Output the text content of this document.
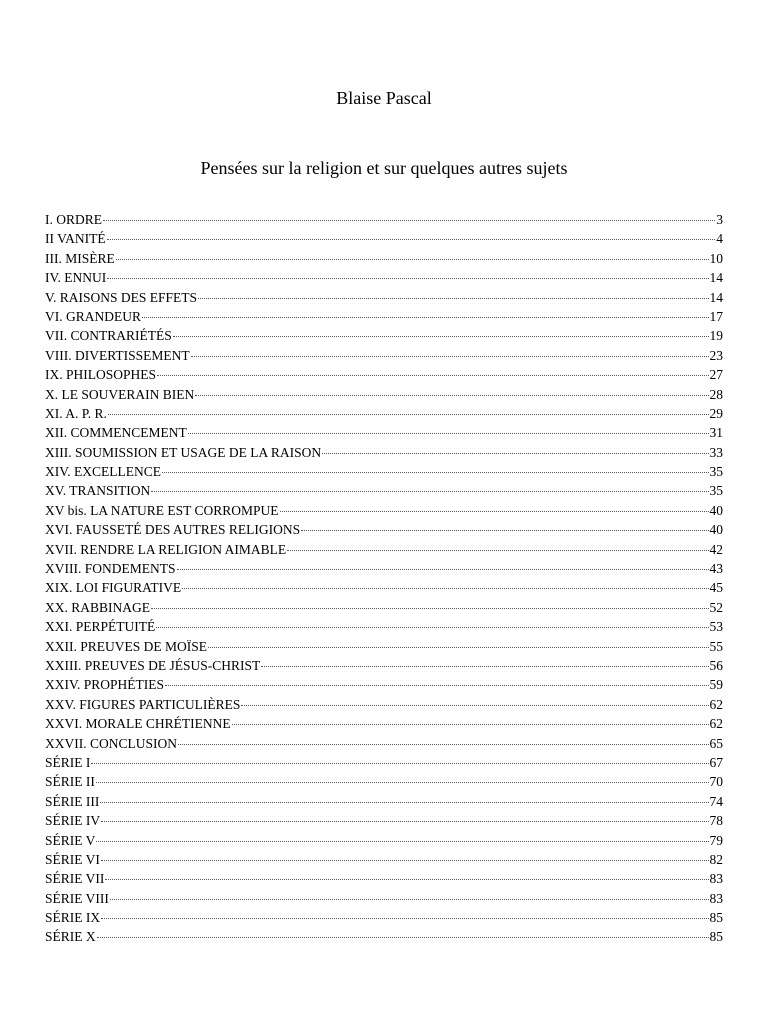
Blaise Pascal
Pensées sur la religion et sur quelques autres sujets
I. ORDRE	3
II VANITÉ	4
III. MISÈRE	10
IV. ENNUI	14
V. RAISONS DES EFFETS	14
VI. GRANDEUR	17
VII. CONTRARIÉTÉS	19
VIII. DIVERTISSEMENT	23
IX. PHILOSOPHES	27
X. LE SOUVERAIN BIEN	28
XI. A. P. R.	29
XII. COMMENCEMENT	31
XIII. SOUMISSION ET USAGE DE LA RAISON	33
XIV. EXCELLENCE	35
XV. TRANSITION	35
XV bis. LA NATURE EST CORROMPUE	40
XVI. FAUSSETÉ DES AUTRES RELIGIONS	40
XVII. RENDRE LA RELIGION AIMABLE	42
XVIII. FONDEMENTS	43
XIX. LOI FIGURATIVE	45
XX. RABBINAGE	52
XXI. PERPÉTUITÉ	53
XXII. PREUVES DE MOÏSE	55
XXIII. PREUVES DE JÉSUS-CHRIST	56
XXIV. PROPHÉTIES	59
XXV. FIGURES PARTICULIÈRES	62
XXVI. MORALE CHRÉTIENNE	62
XXVII. CONCLUSION	65
SÉRIE I	67
SÉRIE II	70
SÉRIE III	74
SÉRIE IV	78
SÉRIE V	79
SÉRIE VI	82
SÉRIE VII	83
SÉRIE VIII	83
SÉRIE IX	85
SÉRIE X	85
